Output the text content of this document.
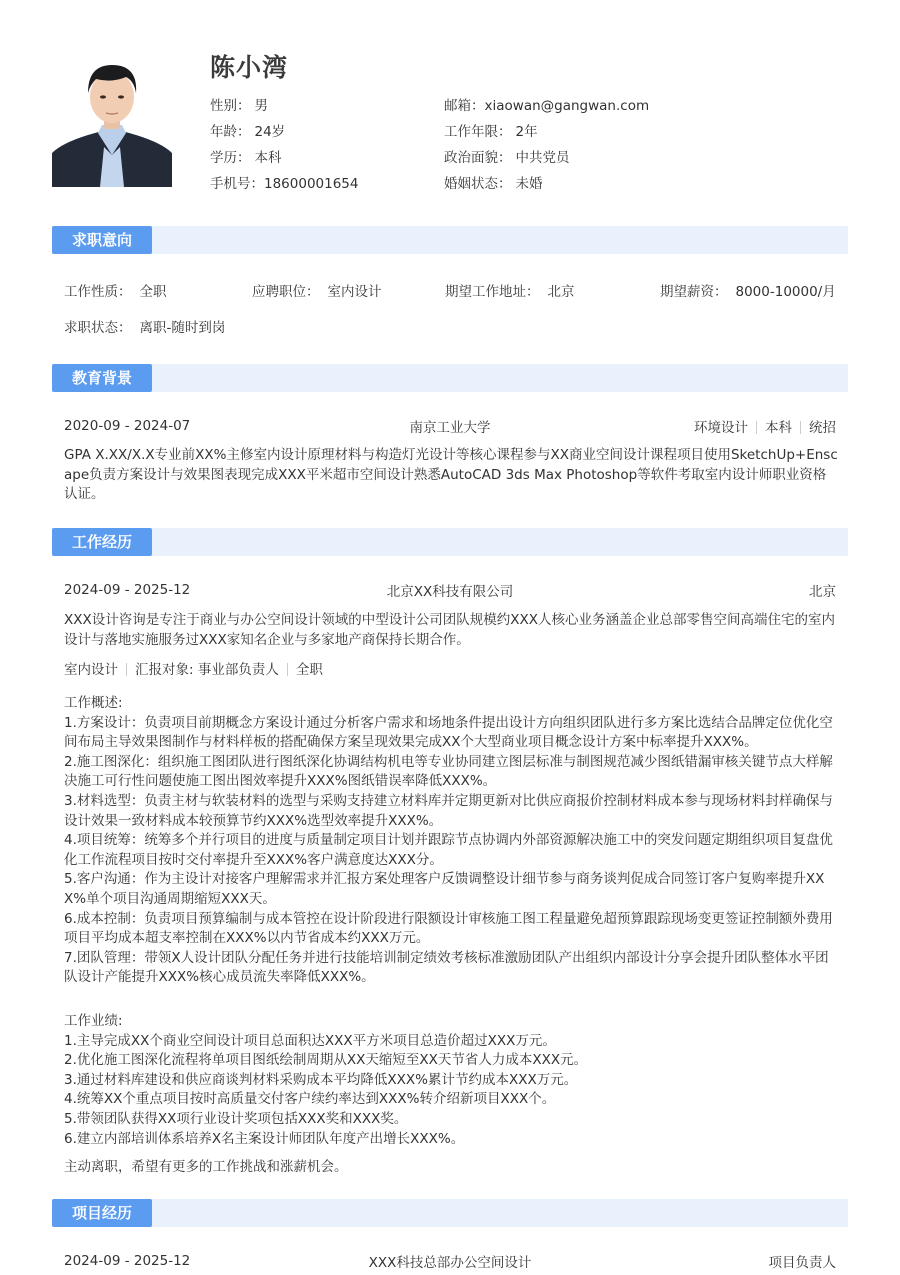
陈小湾
性别： 男
年龄： 24岁
学历： 本科
手机号：18600001654
邮箱：xiaowan@gangwan.com
工作年限： 2年
政治面貌： 中共党员
婚姻状态： 未婚
求职意向
工作性质： 全职	应聘职位： 室内设计	期望工作地址： 北京	期望薪资： 8000-10000/月
求职状态： 离职-随时到岗
教育背景
2020-09 - 2024-07	南京工业大学	环境设计 本科 统招
GPA X.XX/X.X专业前XX%主修室内设计原理材料与构造灯光设计等核心课程参与XX商业空间设计课程项目使用SketchUp+Enscape负责方案设计与效果图表现完成XXX平米超市空间设计熟悉AutoCAD 3ds Max Photoshop等软件考取室内设计师职业资格认证。
工作经历
2024-09 - 2025-12	北京XX科技有限公司	北京
XXX设计咨询是专注于商业与办公空间设计领域的中型设计公司团队规模约XXX人核心业务涵盖企业总部零售空间高端住宅的室内设计与落地实施服务过XXX家知名企业与多家地产商保持长期合作。
室内设计 汇报对象: 事业部负责人 全职

工作概述:

1.方案设计：负责项目前期概念方案设计通过分析客户需求和场地条件提出设计方向组织团队进行多方案比选结合品牌定位优化空间布局主导效果图制作与材料样板的搭配确保方案呈现效果完成XX个大型商业项目概念设计方案中标率提升XXX%。

2.施工图深化：组织施工图团队进行图纸深化协调结构机电等专业协同建立图层标准与制图规范减少图纸错漏审核关键节点大样解决施工可行性问题使施工图出图效率提升XXX%图纸错误率降低XXX%。

3.材料选型：负责主材与软装材料的选型与采购支持建立材料库并定期更新对比供应商报价控制材料成本参与现场材料封样确保与设计效果一致材料成本较预算节约XXX%选型效率提升XXX%。

4.项目统筹：统筹多个并行项目的进度与质量制定项目计划并跟踪节点协调内外部资源解决施工中的突发问题定期组织项目复盘优化工作流程项目按时交付率提升至XXX%客户满意度达XXX分。

5.客户沟通：作为主设计对接客户理解需求并汇报方案处理客户反馈调整设计细节参与商务谈判促成合同签订客户复购率提升XXX%单个项目沟通周期缩短XXX天。

6.成本控制：负责项目预算编制与成本管控在设计阶段进行限额设计审核施工图工程量避免超预算跟踪现场变更签证控制额外费用项目平均成本超支率控制在XXX%以内节省成本约XXX万元。

7.团队管理：带领X人设计团队分配任务并进行技能培训制定绩效考核标准激励团队产出组织内部设计分享会提升团队整体水平团队设计产能提升XXX%核心成员流失率降低XXX%。

工作业绩:

1.主导完成XX个商业空间设计项目总面积达XXX平方米项目总造价超过XXX万元。

2.优化施工图深化流程将单项目图纸绘制周期从XX天缩短至XX天节省人力成本XXX元。

3.通过材料库建设和供应商谈判材料采购成本平均降低XXX%累计节约成本XXX万元。

4.统筹XX个重点项目按时高质量交付客户续约率达到XXX%转介绍新项目XXX个。

5.带领团队获得XX项行业设计奖项包括XXX奖和XXX奖。

6.建立内部培训体系培养X名主案设计师团队年度产出增长XXX%。

主动离职，希望有更多的工作挑战和涨薪机会。
项目经历
2024-09 - 2025-12	XXX科技总部办公空间设计	项目负责人
